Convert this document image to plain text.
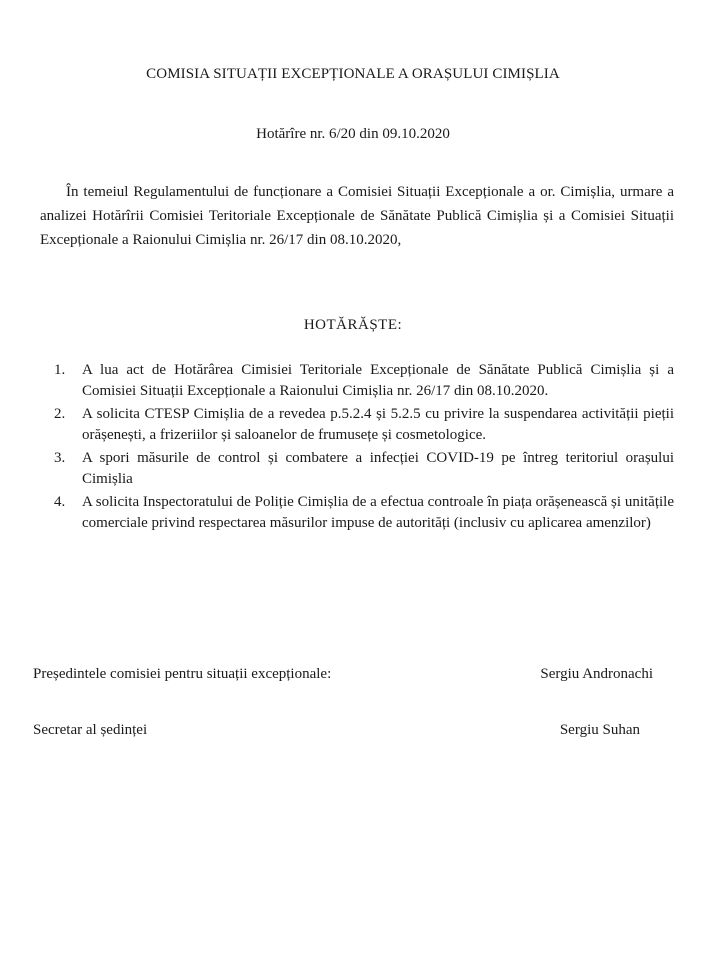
COMISIA SITUAȚII EXCEPȚIONALE A ORAȘULUI CIMIȘLIA
Hotărîre nr. 6/20 din 09.10.2020

În temeiul Regulamentului de funcționare a Comisiei Situații Excepționale a or. Cimișlia, urmare a analizei Hotărîrii Comisiei Teritoriale Excepționale de Sănătate Publică Cimișlia și a Comisiei Situații Excepționale a Raionului Cimișlia nr. 26/17 din 08.10.2020,

HOTĂRĂȘTE:
1. A lua act de Hotărârea Cimisiei Teritoriale Excepționale de Sănătate Publică Cimișlia și a Comisiei Situații Excepționale a Raionului Cimișlia nr. 26/17 din 08.10.2020.
2. A solicita CTESP Cimișlia de a revedea p.5.2.4 și 5.2.5 cu privire la suspendarea activității pieții orășenești, a frizeriilor și saloanelor de frumusețe și cosmetologice.
3. A spori măsurile de control și combatere a infecției COVID-19 pe întreg teritoriul orașului Cimișlia
4. A solicita Inspectoratului de Poliție Cimișlia de a efectua controale în piața orășenească și unitățile comerciale privind respectarea măsurilor impuse de autorități (inclusiv cu aplicarea amenzilor)
Președintele comisiei pentru situații excepționale:	Sergiu Andronachi
Secretar al ședinței	Sergiu Suhan
